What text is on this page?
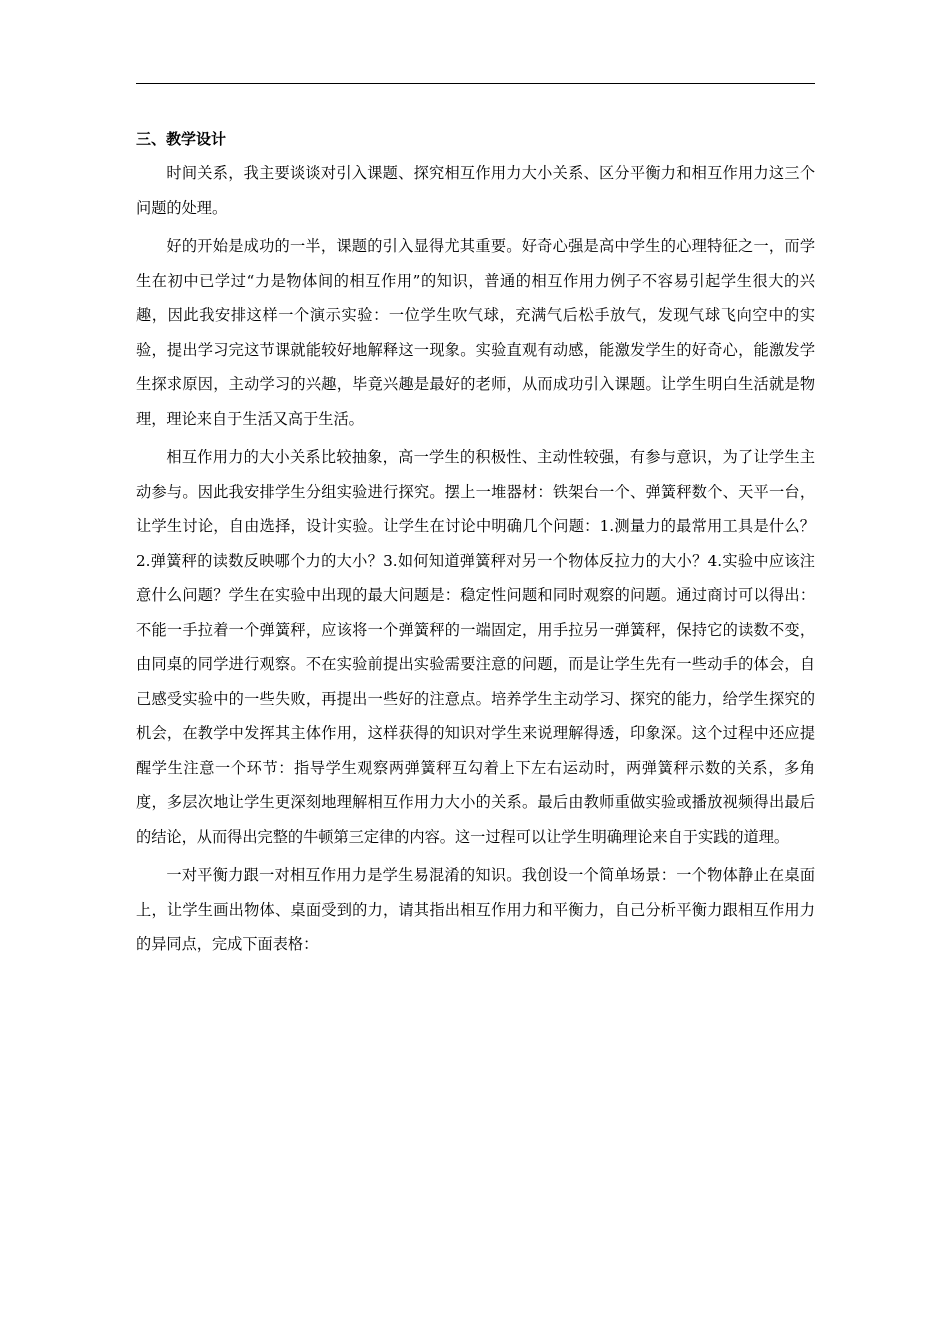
三、教学设计

时间关系，我主要谈谈对引入课题、探究相互作用力大小关系、区分平衡力和相互作用力这三个问题的处理。

好的开始是成功的一半，课题的引入显得尤其重要。好奇心强是高中学生的心理特征之一，而学生在初中已学过“力是物体间的相互作用”的知识，普通的相互作用力例子不容易引起学生很大的兴趣，因此我安排这样一个演示实验：一位学生吹气球，充满气后松手放气，发现气球飞向空中的实验，提出学习完这节课就能较好地解释这一现象。实验直观有动感，能激发学生的好奇心，能激发学生探求原因，主动学习的兴趣，毕竟兴趣是最好的老师，从而成功引入课题。让学生明白生活就是物理，理论来自于生活又高于生活。

相互作用力的大小关系比较抽象，高一学生的积极性、主动性较强，有参与意识，为了让学生主动参与。因此我安排学生分组实验进行探究。摆上一堆器材：铁架台一个、弹簧秤数个、天平一台，让学生讨论，自由选择，设计实验。让学生在讨论中明确几个问题：1.测量力的最常用工具是什么？2.弹簧秤的读数反映哪个力的大小？3.如何知道弹簧秤对另一个物体反拉力的大小？4.实验中应该注意什么问题？学生在实验中出现的最大问题是：稳定性问题和同时观察的问题。通过商讨可以得出：不能一手拉着一个弹簧秤，应该将一个弹簧秤的一端固定，用手拉另一弹簧秤，保持它的读数不变，由同桌的同学进行观察。不在实验前提出实验需要注意的问题，而是让学生先有一些动手的体会，自己感受实验中的一些失败，再提出一些好的注意点。培养学生主动学习、探究的能力，给学生探究的机会，在教学中发挥其主体作用，这样获得的知识对学生来说理解得透，印象深。这个过程中还应提醒学生注意一个环节：指导学生观察两弹簧秤互勾着上下左右运动时，两弹簧秤示数的关系，多角度，多层次地让学生更深刻地理解相互作用力大小的关系。最后由教师重做实验或播放视频得出最后的结论，从而得出完整的牛顿第三定律的内容。这一过程可以让学生明确理论来自于实践的道理。

一对平衡力跟一对相互作用力是学生易混淆的知识。我创设一个简单场景：一个物体静止在桌面上，让学生画出物体、桌面受到的力，请其指出相互作用力和平衡力，自己分析平衡力跟相互作用力的异同点，完成下面表格：
